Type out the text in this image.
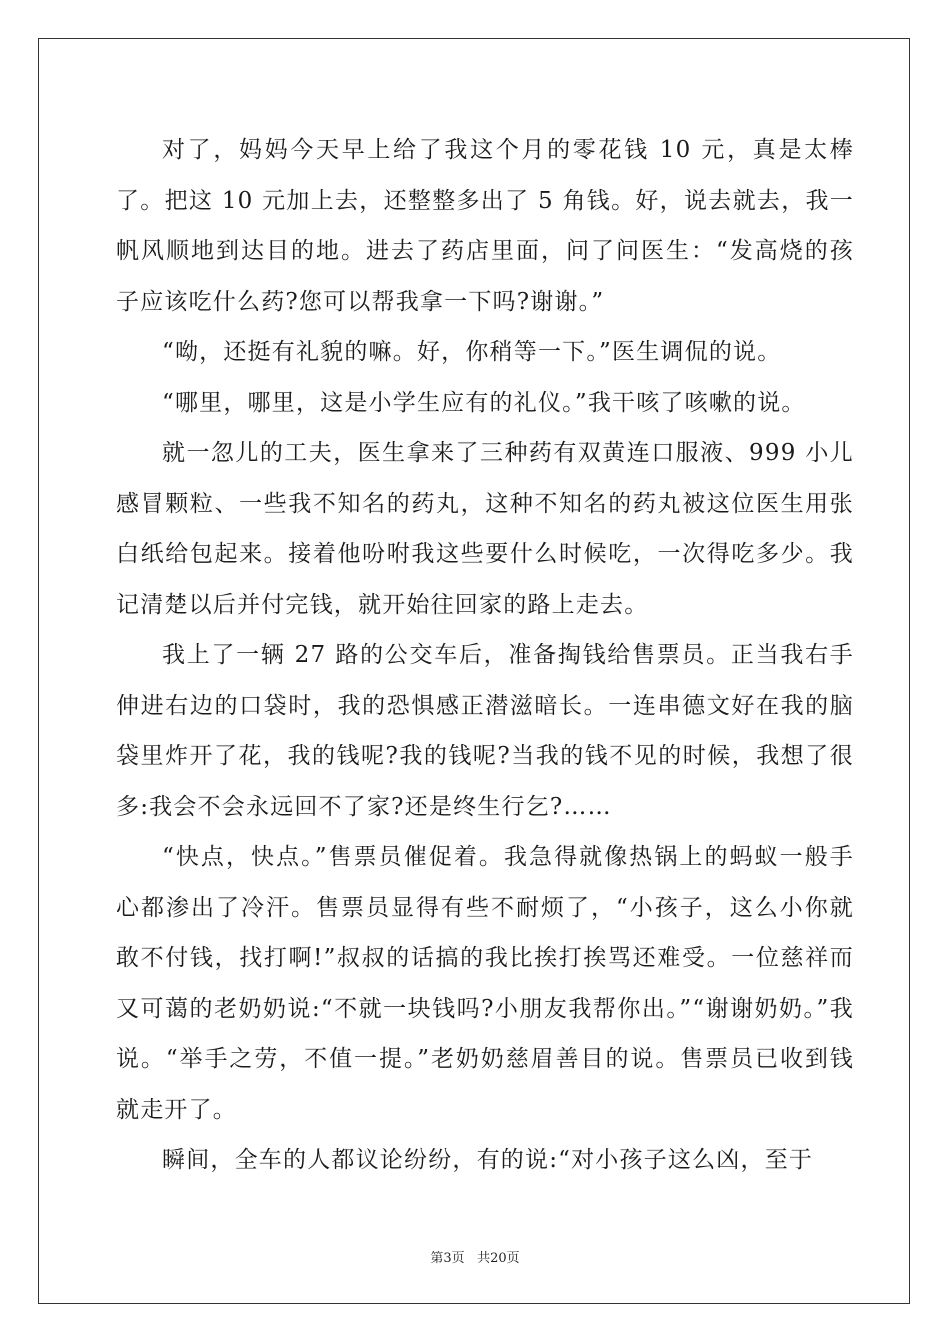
对了，妈妈今天早上给了我这个月的零花钱 10 元，真是太棒了。把这 10 元加上去，还整整多出了 5 角钱。好，说去就去，我一帆风顺地到达目的地。进去了药店里面，问了问医生：“发高烧的孩子应该吃什么药?您可以帮我拿一下吗?谢谢。”

“呦，还挺有礼貌的嘛。好，你稍等一下。”医生调侃的说。

“哪里，哪里，这是小学生应有的礼仪。”我干咳了咳嗽的说。

就一忽儿的工夫，医生拿来了三种药有双黄连口服液、999 小儿感冒颗粒、一些我不知名的药丸，这种不知名的药丸被这位医生用张白纸给包起来。接着他吩咐我这些要什么时候吃，一次得吃多少。我记清楚以后并付完钱，就开始往回家的路上走去。

我上了一辆 27 路的公交车后，准备掏钱给售票员。正当我右手伸进右边的口袋时，我的恐惧感正潜滋暗长。一连串德文好在我的脑袋里炸开了花，我的钱呢?我的钱呢?当我的钱不见的时候，我想了很多:我会不会永远回不了家?还是终生行乞?……

“快点，快点。”售票员催促着。我急得就像热锅上的蚂蚁一般手心都渗出了冷汗。售票员显得有些不耐烦了，“小孩子，这么小你就敢不付钱，找打啊!”叔叔的话搞的我比挨打挨骂还难受。一位慈祥而又可蔼的老奶奶说:“不就一块钱吗?小朋友我帮你出。”“谢谢奶奶。”我说。“举手之劳，不值一提。”老奶奶慈眉善目的说。售票员已收到钱就走开了。

瞬间，全车的人都议论纷纷，有的说:“对小孩子这么凶，至于

第3页 共20页
